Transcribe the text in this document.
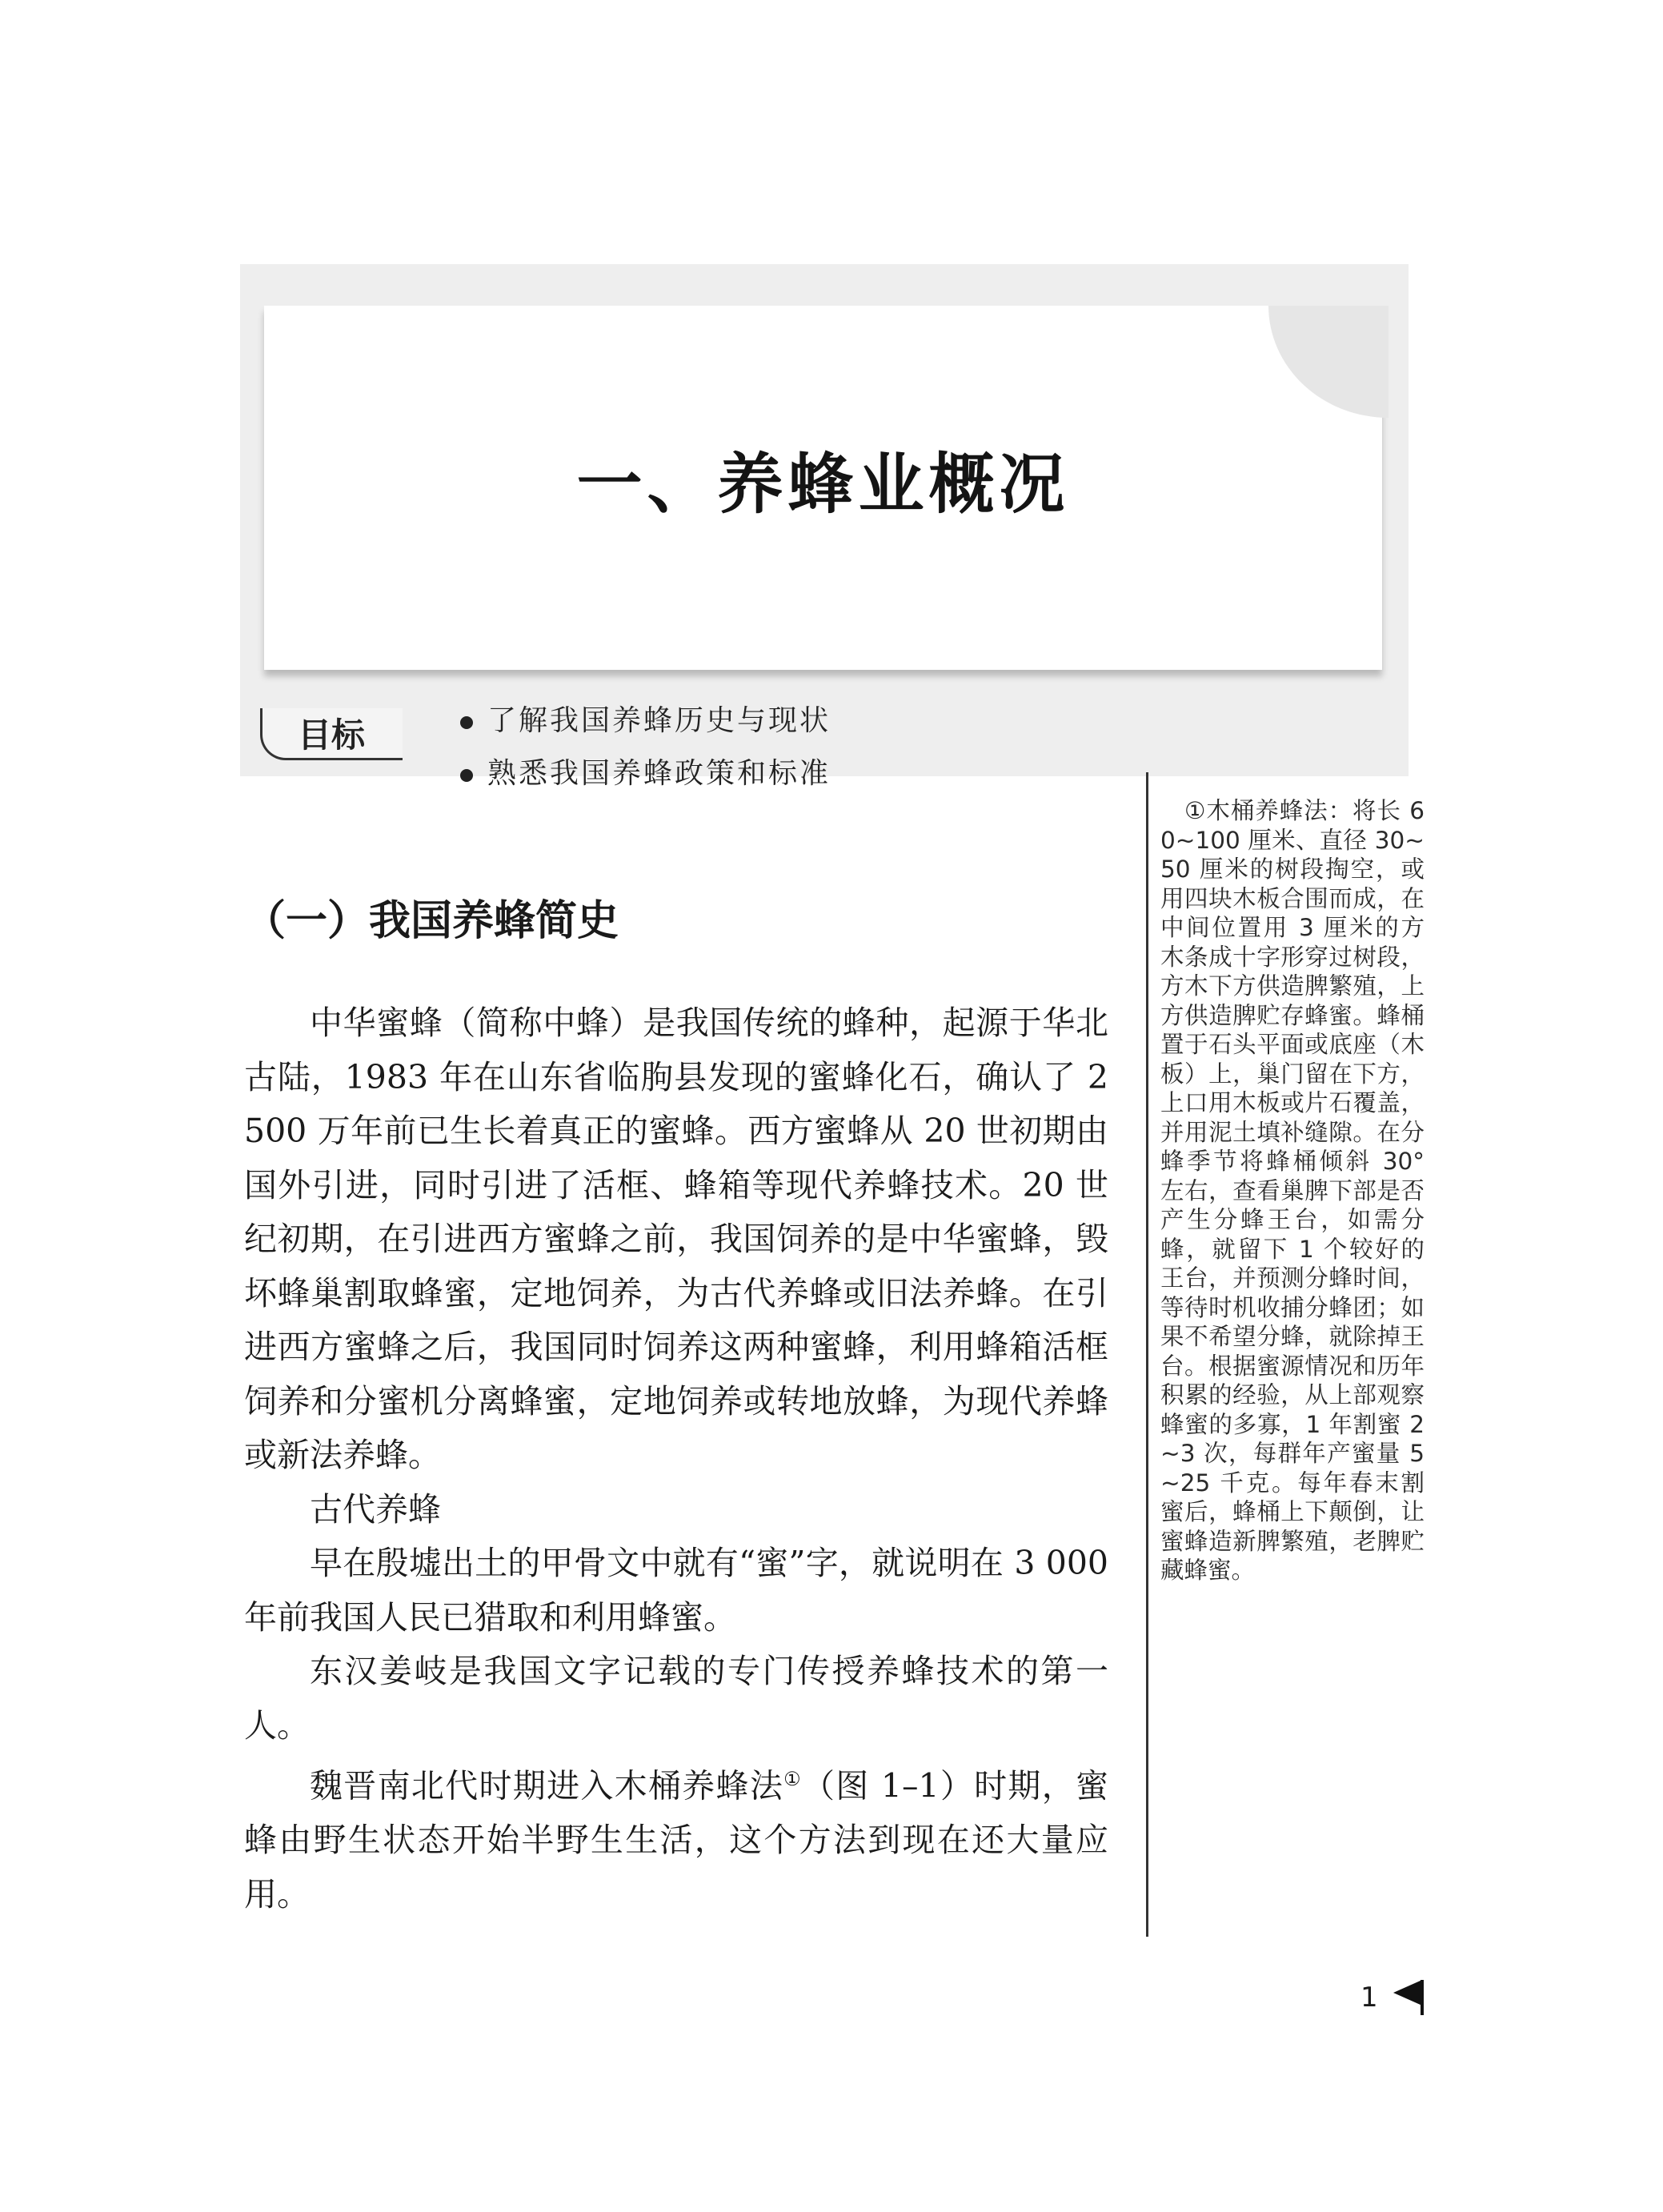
一、养蜂业概况
目标	了解我国养蜂历史与现状
熟悉我国养蜂政策和标准
（一）我国养蜂简史

中华蜜蜂（简称中蜂）是我国传统的蜂种，起源于华北古陆，1983 年在山东省临朐县发现的蜜蜂化石，确认了 2 500 万年前已生长着真正的蜜蜂。西方蜜蜂从 20 世初期由国外引进，同时引进了活框、蜂箱等现代养蜂技术。20 世纪初期，在引进西方蜜蜂之前，我国饲养的是中华蜜蜂，毁坏蜂巢割取蜂蜜，定地饲养，为古代养蜂或旧法养蜂。在引进西方蜜蜂之后，我国同时饲养这两种蜜蜂，利用蜂箱活框饲养和分蜜机分离蜂蜜，定地饲养或转地放蜂，为现代养蜂或新法养蜂。

古代养蜂

早在殷墟出土的甲骨文中就有“蜜”字，就说明在 3 000 年前我国人民已猎取和利用蜂蜜。

东汉姜岐是我国文字记载的专门传授养蜂技术的第一人。

魏晋南北代时期进入木桶养蜂法①（图 1–1）时期，蜜蜂由野生状态开始半野生生活，这个方法到现在还大量应用。

①木桶养蜂法：将长 60~100 厘米、直径 30~50 厘米的树段掏空，或用四块木板合围而成，在中间位置用 3 厘米的方木条成十字形穿过树段，方木下方供造脾繁殖，上方供造脾贮存蜂蜜。蜂桶置于石头平面或底座（木板）上，巢门留在下方，上口用木板或片石覆盖，并用泥土填补缝隙。在分蜂季节将蜂桶倾斜 30° 左右，查看巢脾下部是否产生分蜂王台，如需分蜂，就留下 1 个较好的王台，并预测分蜂时间，等待时机收捕分蜂团；如果不希望分蜂，就除掉王台。根据蜜源情况和历年积累的经验，从上部观察蜂蜜的多寡，1 年割蜜 2~3 次，每群年产蜜量 5~25 千克。每年春末割蜜后，蜂桶上下颠倒，让蜜蜂造新脾繁殖，老脾贮藏蜂蜜。

1
